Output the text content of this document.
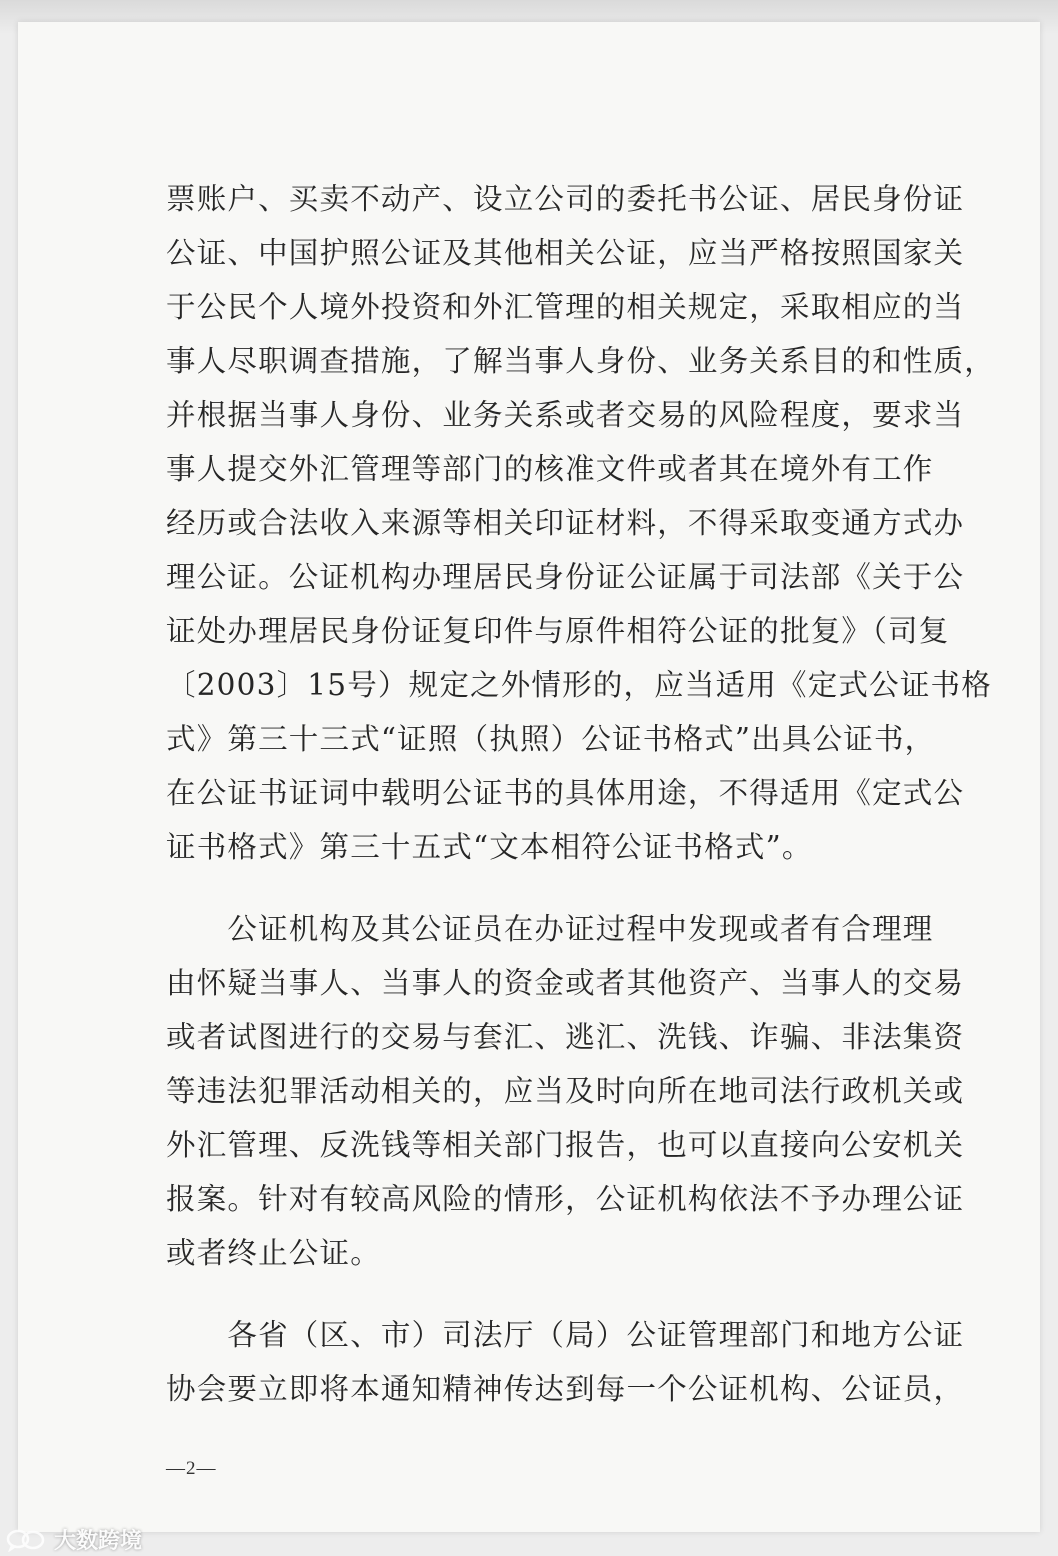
票账户、买卖不动产、设立公司的委托书公证、居民身份证
公证、中国护照公证及其他相关公证，应当严格按照国家关
于公民个人境外投资和外汇管理的相关规定，采取相应的当
事人尽职调查措施，了解当事人身份、业务关系目的和性质，
并根据当事人身份、业务关系或者交易的风险程度，要求当
事人提交外汇管理等部门的核准文件或者其在境外有工作
经历或合法收入来源等相关印证材料，不得采取变通方式办
理公证。公证机构办理居民身份证公证属于司法部《关于公
证处办理居民身份证复印件与原件相符公证的批复》（司复
〔2003〕15号）规定之外情形的，应当适用《定式公证书格
式》第三十三式“证照（执照）公证书格式”出具公证书，
在公证书证词中载明公证书的具体用途，不得适用《定式公
证书格式》第三十五式“文本相符公证书格式”。
　　公证机构及其公证员在办证过程中发现或者有合理理
由怀疑当事人、当事人的资金或者其他资产、当事人的交易
或者试图进行的交易与套汇、逃汇、洗钱、诈骗、非法集资
等违法犯罪活动相关的，应当及时向所在地司法行政机关或
外汇管理、反洗钱等相关部门报告，也可以直接向公安机关
报案。针对有较高风险的情形，公证机构依法不予办理公证
或者终止公证。
　　各省（区、市）司法厅（局）公证管理部门和地方公证
协会要立即将本通知精神传达到每一个公证机构、公证员，
—2—
大数跨境
